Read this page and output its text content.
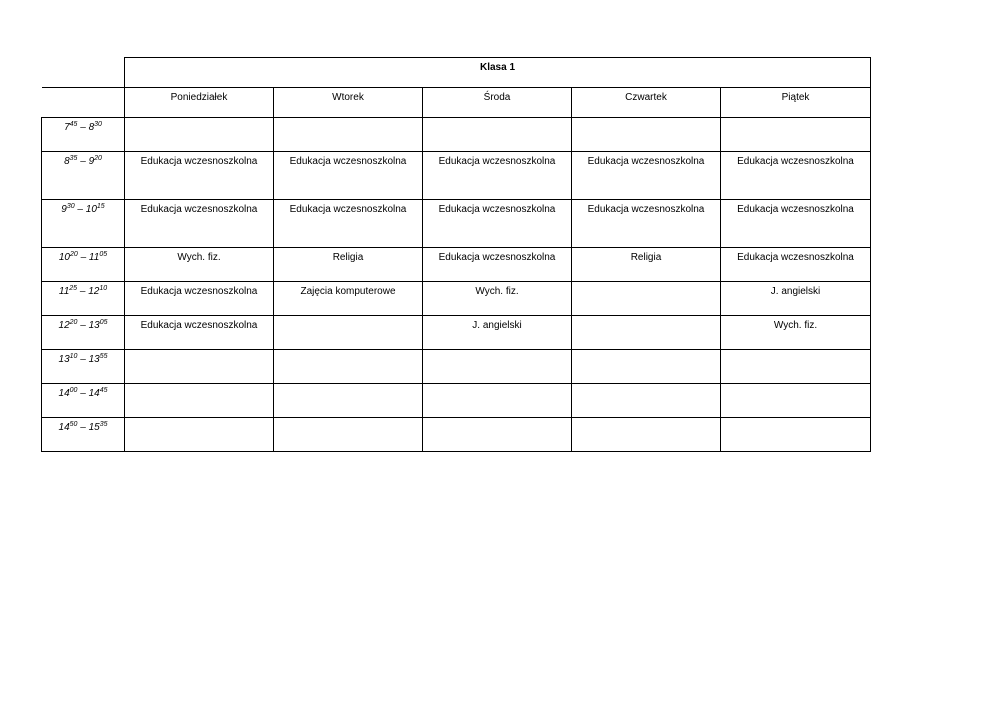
	Klasa 1				
	Poniedziałek	Wtorek	Środa	Czwartek	Piątek
$7^{45} - 8^{30}$	

$8^{35} - 9^{20}$	Edukacja wczesnoszkolna	Edukacja wczesnoszkolna	Edukacja wczesnoszkolna	Edukacja wczesnoszkolna	Edukacja wczesnoszkolna

$9^{30} - 10^{15}$	Edukacja wczesnoszkolna	Edukacja wczesnoszkolna	Edukacja wczesnoszkolna	Edukacja wczesnoszkolna	Edukacja wczesnoszkolna

$10^{20} - 11^{05}$	Wych. fiz.	Religia	Edukacja wczesnoszkolna	Religia	Edukacja wczesnoszkolna

$11^{25} - 12^{10}$	Edukacja wczesnoszkolna	Zajęcia komputerowe	Wych. fiz.		J. angielski

$12^{20} - 13^{05}$	Edukacja wczesnoszkolna		J. angielski		Wych. fiz.

$13^{10} - 13^{55}$	

$14^{00} - 14^{45}$	

$14^{50} - 15^{35}$	
